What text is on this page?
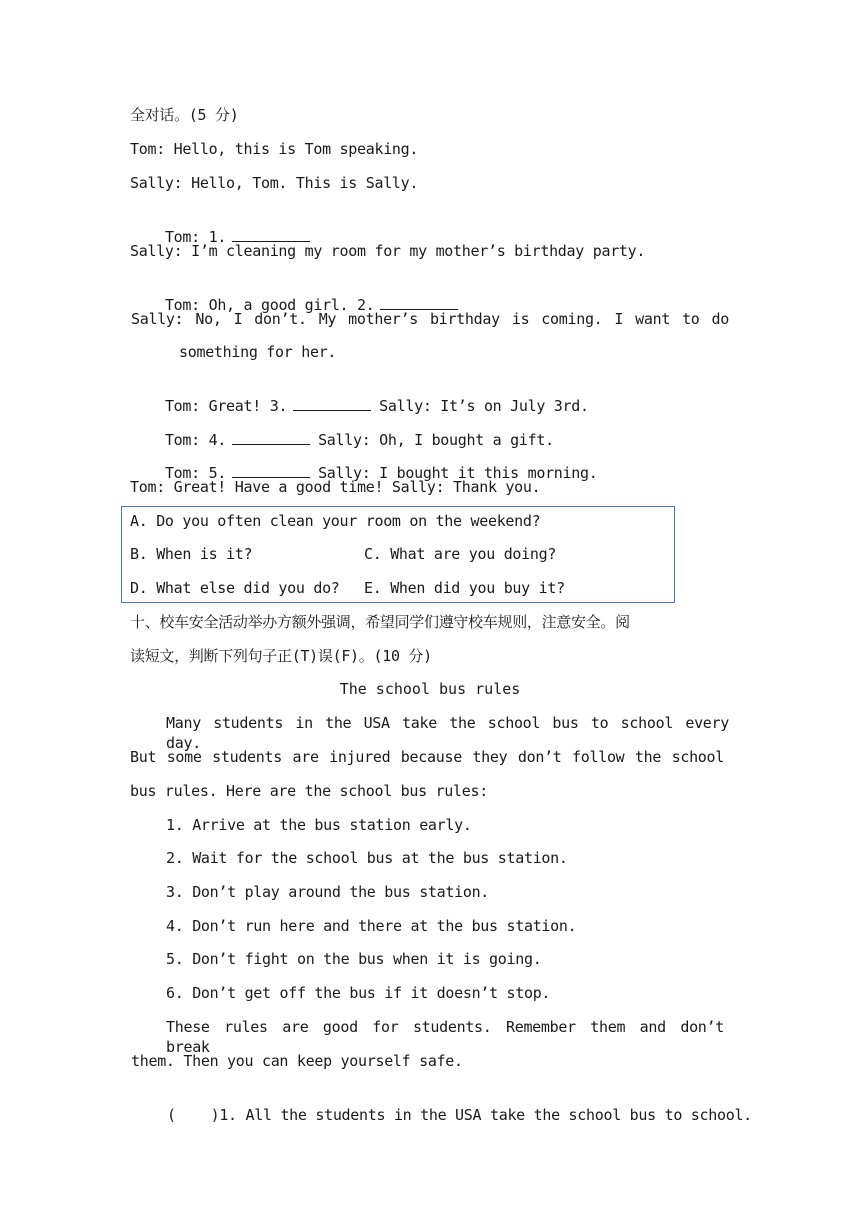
全对话。(5 分)
Tom: Hello, this is Tom speaking.
Sally: Hello, Tom. This is Sally.

Tom: 1.

Sally: I’m cleaning my room for my mother’s birthday party.

Tom: Oh, a good girl. 2.

Sally: No, I don’t. My mother’s birthday is coming. I want to do
something for her.

Tom: Great! 3.	Sally: It’s on July 3rd.

Tom: 4.	Sally: Oh, I bought a gift.

Tom: 5.	Sally: I bought it this morning.

Tom: Great! Have a good time! Sally: Thank you.
A. Do you often clean your room on the weekend?
B. When is it?	C. What are you doing?
D. What else did you do? E. When did you buy it?
十、校车安全活动举办方额外强调，希望同学们遵守校车规则，注意安全。阅
读短文，判断下列句子正(T)误(F)。(10 分)
The school bus rules
Many students in the USA take the school bus to school every day.
But some students are injured because they don’t follow the school
bus rules. Here are the school bus rules:
1. Arrive at the bus station early.
2. Wait for the school bus at the bus station.
3. Don’t play around the bus station.
4. Don’t run here and there at the bus station.
5. Don’t fight on the bus when it is going.
6. Don’t get off the bus if it doesn’t stop.
These rules are good for students. Remember them and don’t break
them. Then you can keep yourself safe.

(    )1. All the students in the USA take the school bus to school.
